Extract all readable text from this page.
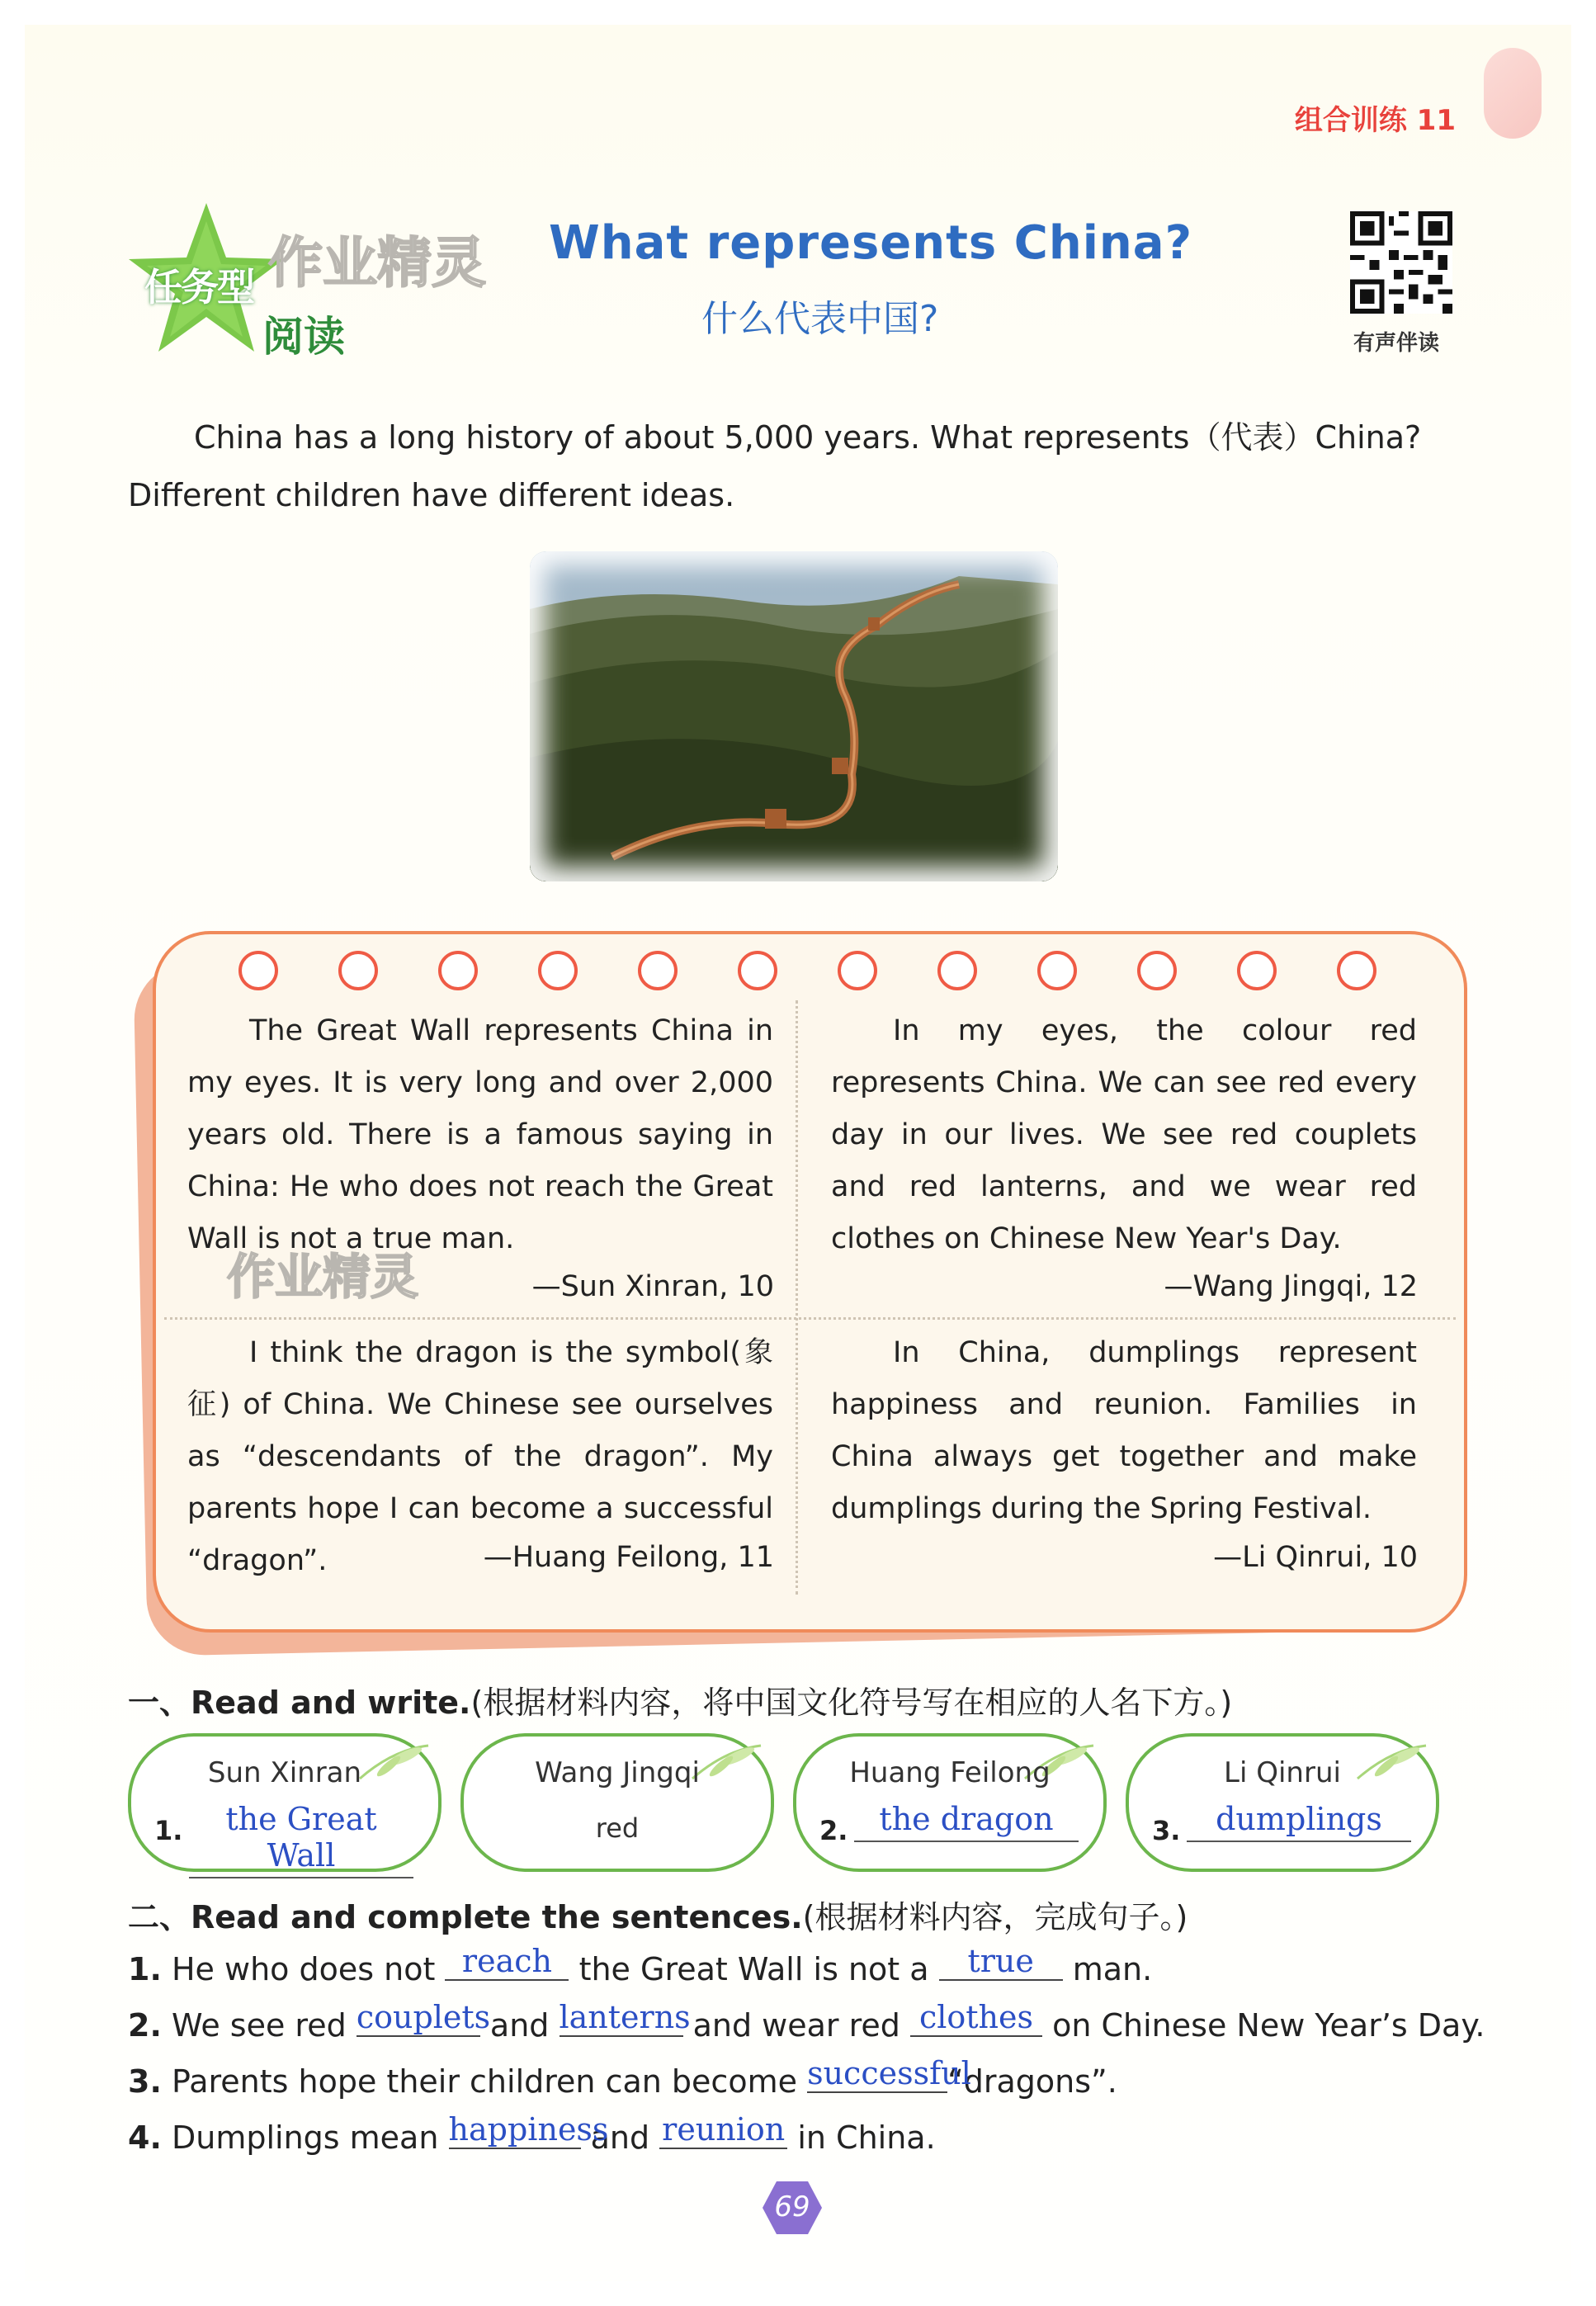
组合训练 11
任务型
阅读
作业精灵 What represents China?
什么代表中国?
有声伴读
China has a long history of about 5,000 years. What represents（代表）China?
Different children have different ideas.
The Great Wall represents China in my eyes. It is very long and over 2,000 years old. There is a famous saying in China: He who does not reach the Great Wall is not a true man.
—Sun Xinran, 10
In my eyes, the colour red represents China. We can see red every day in our lives. We see red couplets and red lanterns, and we wear red clothes on Chinese New Year's Day.
—Wang Jingqi, 12
I think the dragon is the symbol(象征) of China. We Chinese see ourselves as “descendants of the dragon”. My parents hope I can become a successful “dragon”.	—Huang Feilong, 11
In China, dumplings represent happiness and reunion. Families in China always get together and make dumplings during the Spring Festival.
—Li Qinrui, 10
作业精灵
一、Read and write.(根据材料内容，将中国文化符号写在相应的人名下方。)
Sun Xinran
1.	the Great Wall
Wang Jingqi
red
Huang Feilong
2.	the dragon
Li Qinrui
3.	dumplings
二、Read and complete the sentences.(根据材料内容，完成句子。)
1. He who does not reach the Great Wall is not a true man.
2. We see red couplets and lanterns and wear red clothes on Chinese New Year’s Day.
3. Parents hope their children can become successful“dragons”.
4. Dumplings mean happiness and reunion in China.
69
